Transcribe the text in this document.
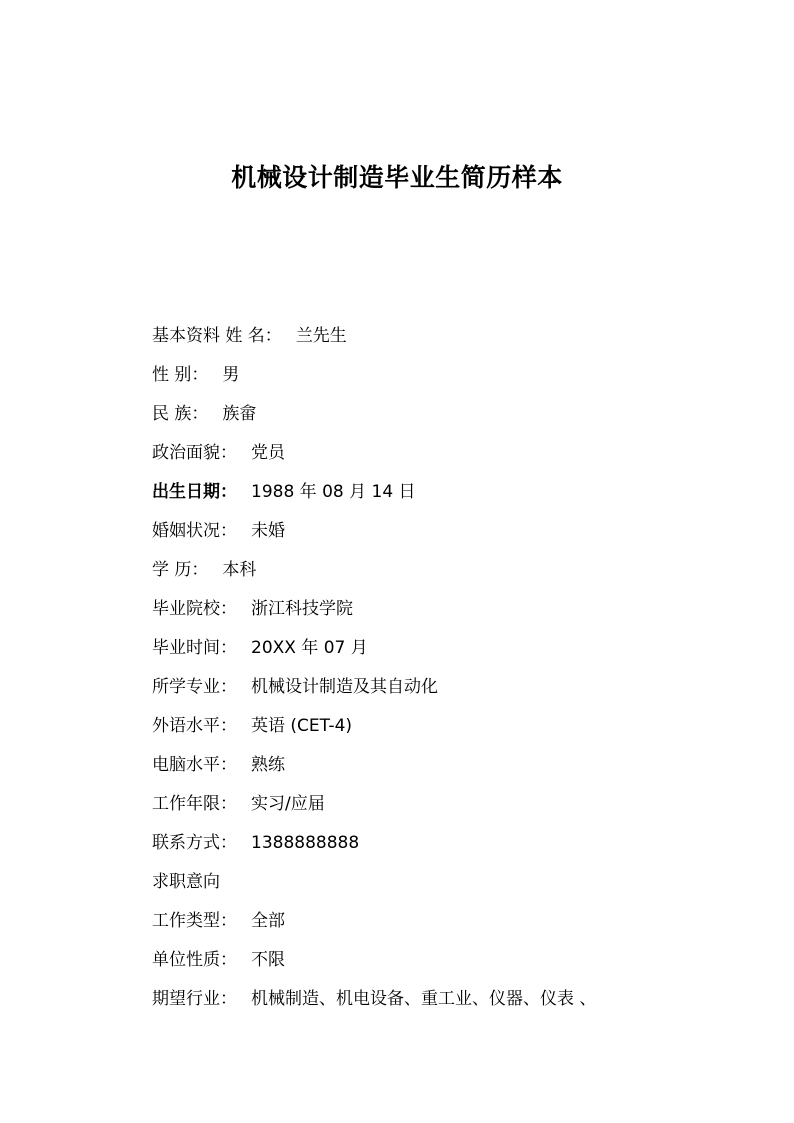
机械设计制造毕业生简历样本
基本资料 姓 名： 兰先生
性 别： 男
民 族： 族畲
政治面貌： 党员
出生日期： 1988 年 08 月 14 日
婚姻状况： 未婚
学 历： 本科
毕业院校： 浙江科技学院
毕业时间： 20XX 年 07 月
所学专业： 机械设计制造及其自动化
外语水平： 英语 (CET-4)
电脑水平： 熟练
工作年限： 实习/应届
联系方式： 1388888888
求职意向
工作类型： 全部
单位性质： 不限
期望行业： 机械制造、机电设备、重工业、仪器、仪表 、
